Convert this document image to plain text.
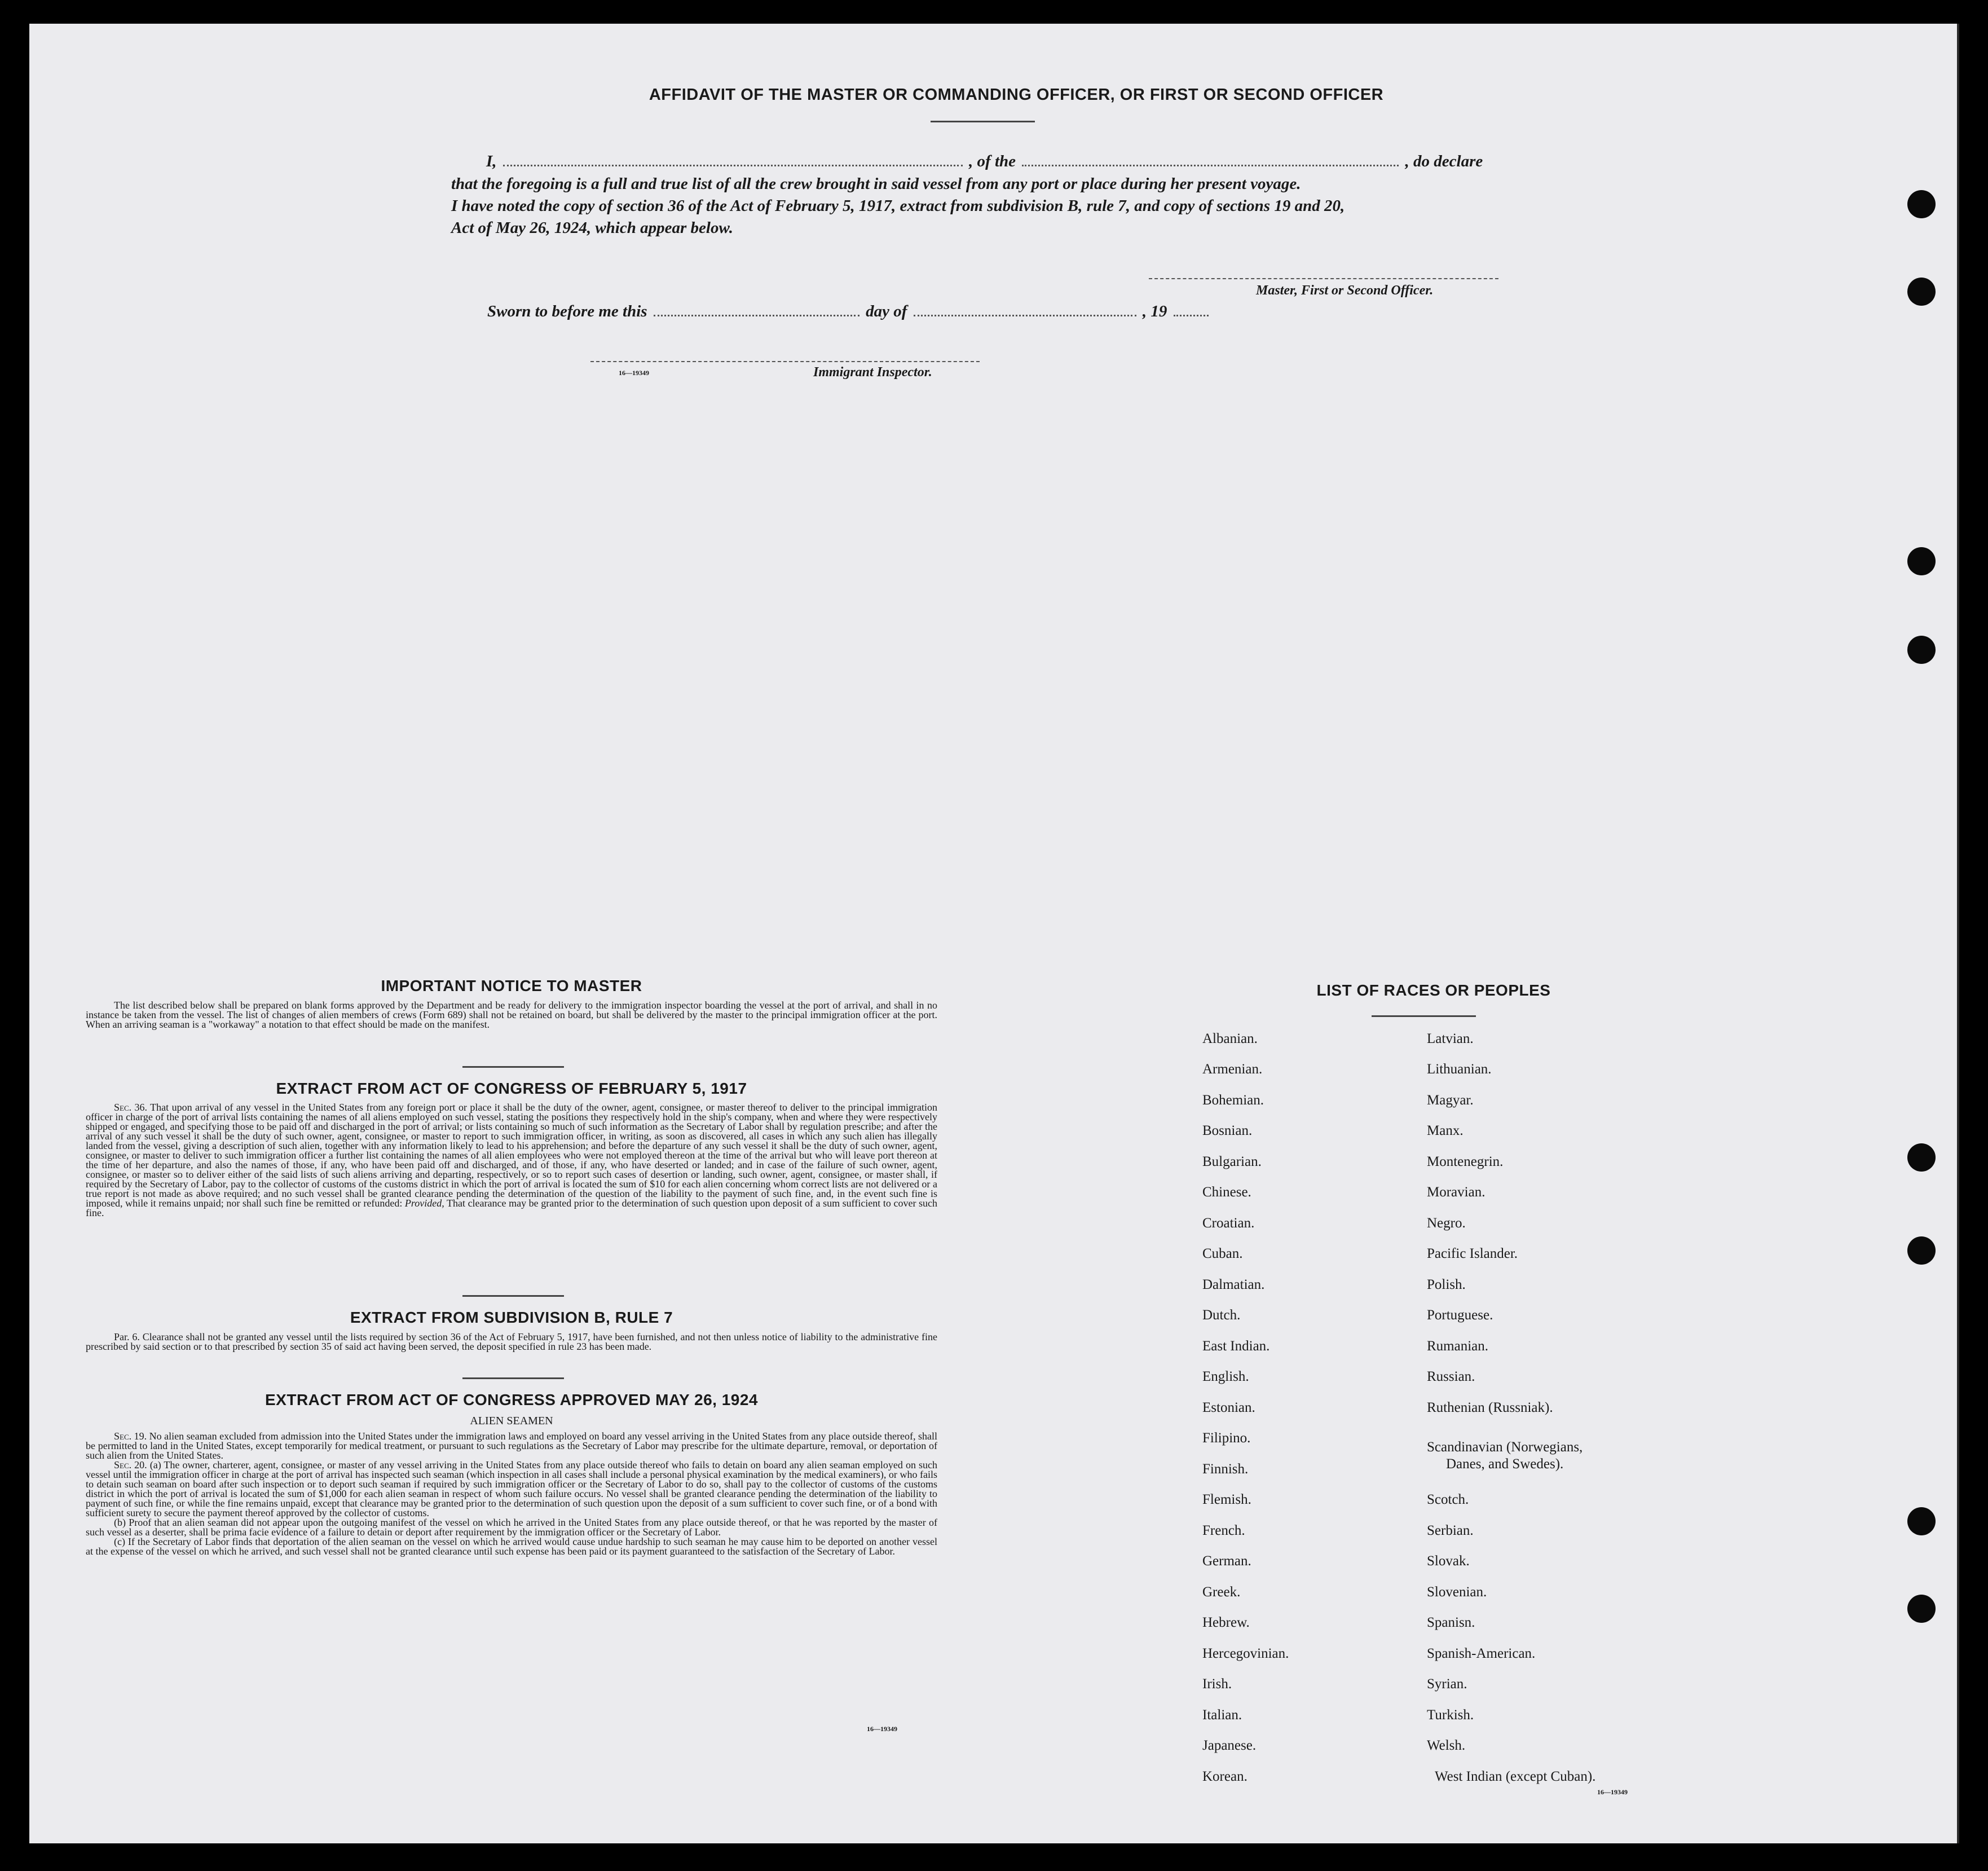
AFFIDAVIT OF THE MASTER OR COMMANDING OFFICER, OR FIRST OR SECOND OFFICER
I,	, of the	, do declare
that the foregoing is a full and true list of all the crew brought in said vessel from any port or place during her present voyage.
I have noted the copy of section 36 of the Act of February 5, 1917, extract from subdivision B, rule 7, and copy of sections 19 and 20,
Act of May 26, 1924, which appear below.
Master, First or Second Officer.
Sworn to before me this	day of	, 19
16—19349	Immigrant Inspector.
IMPORTANT NOTICE TO MASTER

The list described below shall be prepared on blank forms approved by the Department and be ready for delivery to the immigration inspector boarding the vessel at the port of arrival, and shall in no instance be taken from the vessel. The list of changes of alien members of crews (Form 689) shall not be retained on board, but shall be delivered by the master to the principal immigration officer at the port. When an arriving seaman is a "workaway" a notation to that effect should be made on the manifest.

EXTRACT FROM ACT OF CONGRESS OF FEBRUARY 5, 1917

Sec. 36. That upon arrival of any vessel in the United States from any foreign port or place it shall be the duty of the owner, agent, consignee, or master thereof to deliver to the principal immigration officer in charge of the port of arrival lists containing the names of all aliens employed on such vessel, stating the positions they respectively hold in the ship's company, when and where they were respectively shipped or engaged, and specifying those to be paid off and discharged in the port of arrival; or lists containing so much of such information as the Secretary of Labor shall by regulation prescribe; and after the arrival of any such vessel it shall be the duty of such owner, agent, consignee, or master to report to such immigration officer, in writing, as soon as discovered, all cases in which any such alien has illegally landed from the vessel, giving a description of such alien, together with any information likely to lead to his apprehension; and before the departure of any such vessel it shall be the duty of such owner, agent, consignee, or master to deliver to such immigration officer a further list containing the names of all alien employees who were not employed thereon at the time of the arrival but who will leave port thereon at the time of her departure, and also the names of those, if any, who have been paid off and discharged, and of those, if any, who have deserted or landed; and in case of the failure of such owner, agent, consignee, or master so to deliver either of the said lists of such aliens arriving and departing, respectively, or so to report such cases of desertion or landing, such owner, agent, consignee, or master shall, if required by the Secretary of Labor, pay to the collector of customs of the customs district in which the port of arrival is located the sum of $10 for each alien concerning whom correct lists are not delivered or a true report is not made as above required; and no such vessel shall be granted clearance pending the determination of the question of the liability to the payment of such fine, and, in the event such fine is imposed, while it remains unpaid; nor shall such fine be remitted or refunded: Provided, That clearance may be granted prior to the determination of such question upon deposit of a sum sufficient to cover such fine.

EXTRACT FROM SUBDIVISION B, RULE 7

Par. 6. Clearance shall not be granted any vessel until the lists required by section 36 of the Act of February 5, 1917, have been furnished, and not then unless notice of liability to the administrative fine prescribed by said section or to that prescribed by section 35 of said act having been served, the deposit specified in rule 23 has been made.

EXTRACT FROM ACT OF CONGRESS APPROVED MAY 26, 1924
ALIEN SEAMEN

Sec. 19. No alien seaman excluded from admission into the United States under the immigration laws and employed on board any vessel arriving in the United States from any place outside thereof, shall be permitted to land in the United States, except temporarily for medical treatment, or pursuant to such regulations as the Secretary of Labor may prescribe for the ultimate departure, removal, or deportation of such alien from the United States.

Sec. 20. (a) The owner, charterer, agent, consignee, or master of any vessel arriving in the United States from any place outside thereof who fails to detain on board any alien seaman employed on such vessel until the immigration officer in charge at the port of arrival has inspected such seaman (which inspection in all cases shall include a personal physical examination by the medical examiners), or who fails to detain such seaman on board after such inspection or to deport such seaman if required by such immigration officer or the Secretary of Labor to do so, shall pay to the collector of customs of the customs district in which the port of arrival is located the sum of $1,000 for each alien seaman in respect of whom such failure occurs. No vessel shall be granted clearance pending the determination of the liability to payment of such fine, or while the fine remains unpaid, except that clearance may be granted prior to the determination of such question upon the deposit of a sum sufficient to cover such fine, or of a bond with sufficient surety to secure the payment thereof approved by the collector of customs.

(b) Proof that an alien seaman did not appear upon the outgoing manifest of the vessel on which he arrived in the United States from any place outside thereof, or that he was reported by the master of such vessel as a deserter, shall be prima facie evidence of a failure to detain or deport after requirement by the immigration officer or the Secretary of Labor.

(c) If the Secretary of Labor finds that deportation of the alien seaman on the vessel on which he arrived would cause undue hardship to such seaman he may cause him to be deported on another vessel at the expense of the vessel on which he arrived, and such vessel shall not be granted clearance until such expense has been paid or its payment guaranteed to the satisfaction of the Secretary of Labor.

16—19349
LIST OF RACES OR PEOPLES
Albanian.
Armenian.
Bohemian.
Bosnian.
Bulgarian.
Chinese.
Croatian.
Cuban.
Dalmatian.
Dutch.
East Indian.
English.
Estonian.
Filipino.
Finnish.
Flemish.
French.
German.
Greek.
Hebrew.
Hercegovinian.
Irish.
Italian.
Japanese.
Korean.
Latvian.
Lithuanian.
Magyar.
Manx.
Montenegrin.
Moravian.
Negro.
Pacific Islander.
Polish.
Portuguese.
Rumanian.
Russian.
Ruthenian (Russniak).
Scandinavian (Norwegians,
Danes, and Swedes).
Scotch.
Serbian.
Slovak.
Slovenian.
Spanisn.
Spanish-American.
Syrian.
Turkish.
Welsh.
West Indian (except Cuban).
16—19349
